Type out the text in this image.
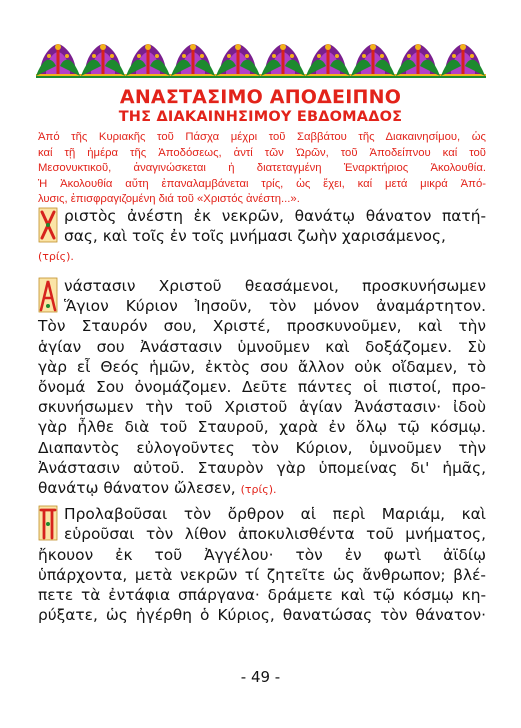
ΑΝΑΣΤΑΣΙΜΟ ΑΠΟΔΕΙΠΝΟ
ΤΗΣ ΔΙΑΚΑΙΝΗΣΙΜΟΥ ΕΒΔΟΜΑΔΟΣ
Ἀπό τῆς Κυριακῆς τοῦ Πάσχα μέχρι τοῦ Σαββάτου τῆς Διακαινησίμου, ὡς
καί τῇ ἡμέρα τῆς Ἀποδόσεως, ἀντί τῶν Ὡρῶν, τοῦ Ἀποδείπνου καί τοῦ
Μεσονυκτικοῦ, ἀναγινώσκεται ἡ διατεταγμένη Ἐναρκτήριος Ἀκολουθία.
Ἡ Ἀκολουθία αὕτη ἐπαναλαμβάνεται τρίς, ὡς ἔχει, καί μετά μικρά Ἀπό-
λυσις, ἐπισφραγιζομένη διά τοῦ «Χριστός ἀνέστη...».
ριστὸς ἀνέστη ἐκ νεκρῶν, θανάτῳ θάνατον πατή-
σας, καὶ τοῖς ἐν τοῖς μνήμασι ζωὴν χαρισάμενος,
(τρίς).
νάστασιν Χριστοῦ θεασάμενοι, προσκυνήσωμεν
Ἅγιον Κύριον Ἰησοῦν, τὸν μόνον ἀναμάρτητον.
Τὸν Σταυρόν σου, Χριστέ, προσκυνοῦμεν, καὶ τὴν
ἁγίαν σου Ἀνάστασιν ὑμνοῦμεν καὶ δοξάζομεν. Σὺ
γὰρ εἶ Θεός ἡμῶν, ἐκτὸς σου ἄλλον οὐκ οἴδαμεν, τὸ
ὄνομά Σου ὀνομάζομεν. Δεῦτε πάντες οἱ πιστοί, προ-
σκυνήσωμεν τὴν τοῦ Χριστοῦ ἁγίαν Ἀνάστασιν· ἰδοὺ
γὰρ ἦλθε διὰ τοῦ Σταυροῦ, χαρὰ ἐν ὅλῳ τῷ κόσμῳ.
Διαπαντὸς εὐλογοῦντες τὸν Κύριον, ὑμνοῦμεν τὴν
Ἀνάστασιν αὐτοῦ. Σταυρὸν γὰρ ὑπομείνας δι' ἡμᾶς,
θανάτῳ θάνατον ὤλεσεν, (τρίς).
Προλαβοῦσαι τὸν ὄρθρον αἱ περὶ Μαριάμ, καὶ
εὑροῦσαι τὸν λίθον ἀποκυλισθέντα τοῦ μνήματος,
ἤκουον ἐκ τοῦ Ἀγγέλου· τὸν ἐν φωτὶ ἀϊδίῳ
ὑπάρχοντα, μετὰ νεκρῶν τί ζητεῖτε ὡς ἄνθρωπον; βλέ-
πετε τὰ ἐντάφια σπάργανα· δράμετε καὶ τῷ κόσμῳ κη-
ρύξατε, ὡς ἠγέρθη ὁ Κύριος, θανατώσας τὸν θάνατον·
- 49 -
